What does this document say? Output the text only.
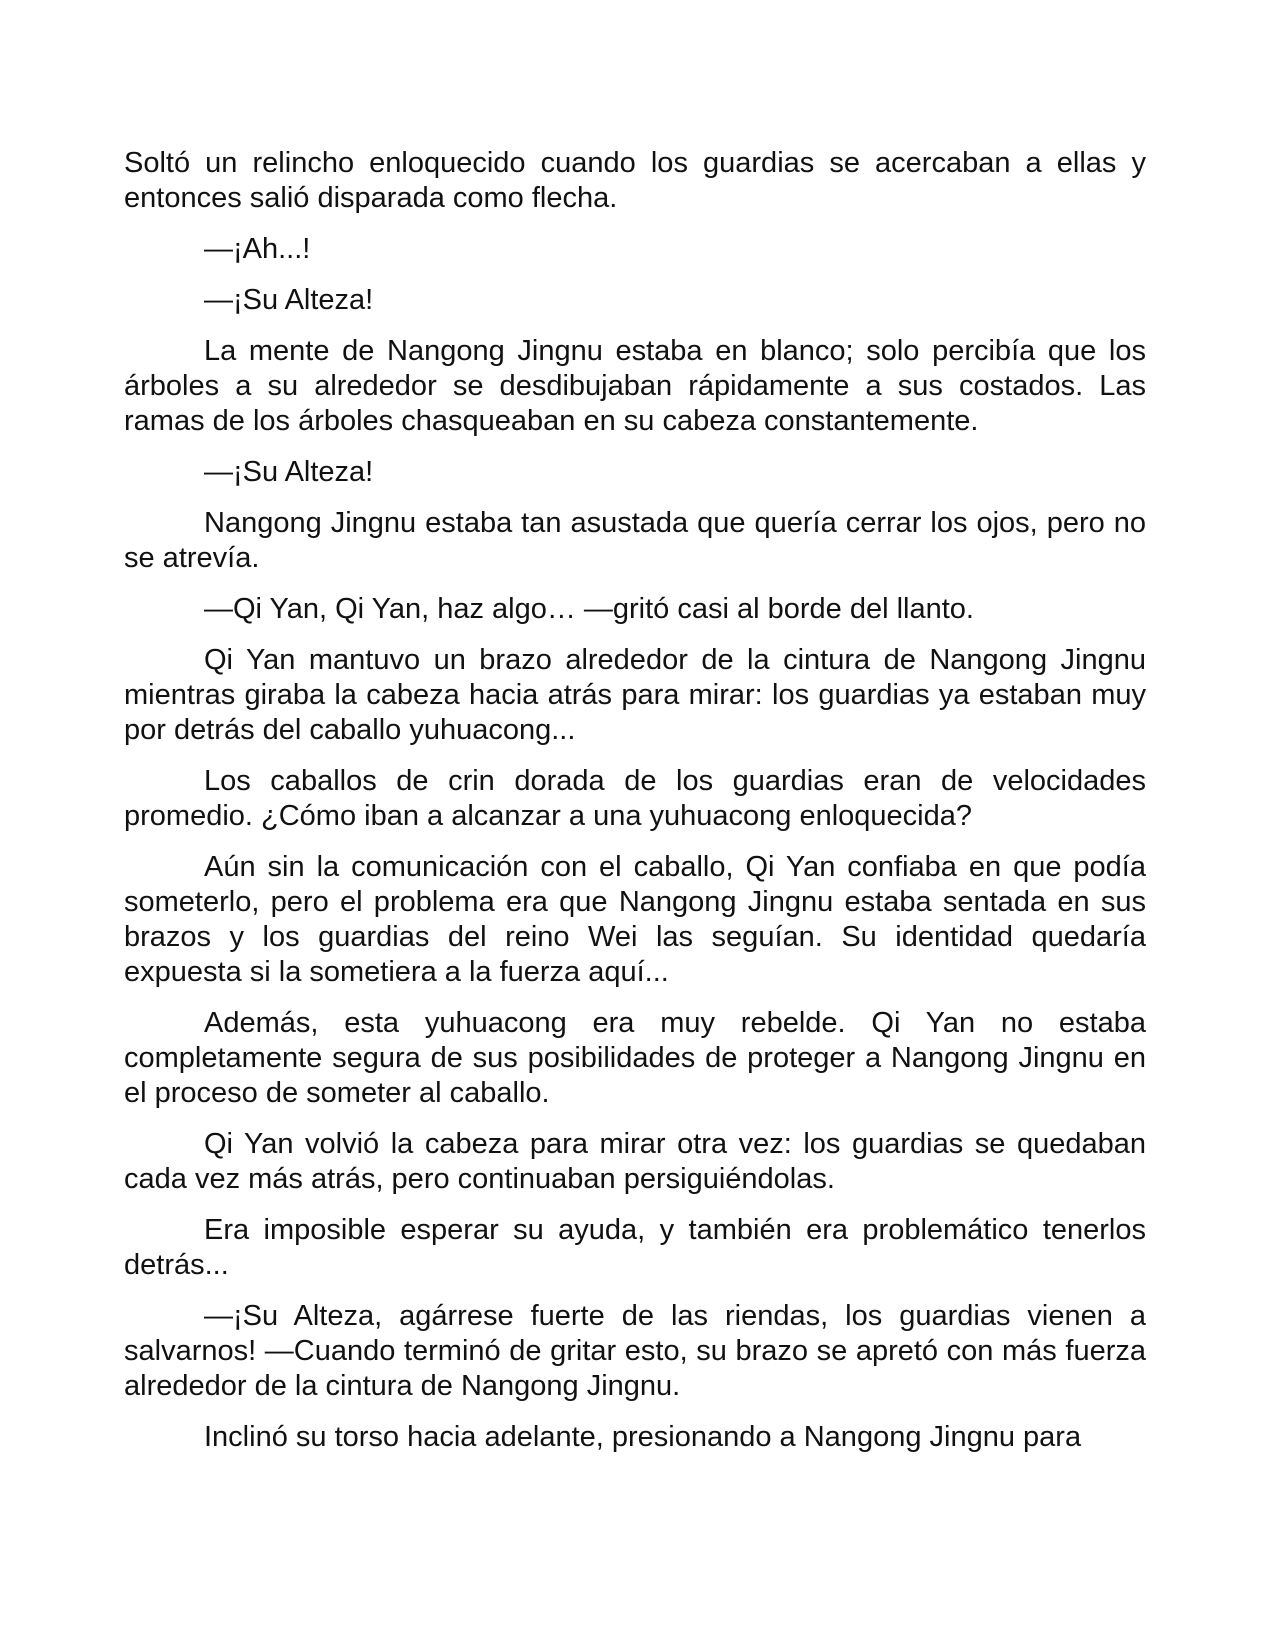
Soltó un relincho enloquecido cuando los guardias se acercaban a ellas y entonces salió disparada como flecha.

—¡Ah...!

—¡Su Alteza!

La mente de Nangong Jingnu estaba en blanco; solo percibía que los árboles a su alrededor se desdibujaban rápidamente a sus costados. Las ramas de los árboles chasqueaban en su cabeza constantemente.

—¡Su Alteza!

Nangong Jingnu estaba tan asustada que quería cerrar los ojos, pero no se atrevía.

—Qi Yan, Qi Yan, haz algo… —gritó casi al borde del llanto.

Qi Yan mantuvo un brazo alrededor de la cintura de Nangong Jingnu mientras giraba la cabeza hacia atrás para mirar: los guardias ya estaban muy por detrás del caballo yuhuacong...

Los caballos de crin dorada de los guardias eran de velocidades promedio. ¿Cómo iban a alcanzar a una yuhuacong enloquecida?

Aún sin la comunicación con el caballo, Qi Yan confiaba en que podía someterlo, pero el problema era que Nangong Jingnu estaba sentada en sus brazos y los guardias del reino Wei las seguían. Su identidad quedaría expuesta si la sometiera a la fuerza aquí...

Además, esta yuhuacong era muy rebelde. Qi Yan no estaba completamente segura de sus posibilidades de proteger a Nangong Jingnu en el proceso de someter al caballo.

Qi Yan volvió la cabeza para mirar otra vez: los guardias se quedaban cada vez más atrás, pero continuaban persiguiéndolas.

Era imposible esperar su ayuda, y también era problemático tenerlos detrás...

—¡Su Alteza, agárrese fuerte de las riendas, los guardias vienen a salvarnos! —Cuando terminó de gritar esto, su brazo se apretó con más fuerza alrededor de la cintura de Nangong Jingnu.

Inclinó su torso hacia adelante, presionando a Nangong Jingnu para
